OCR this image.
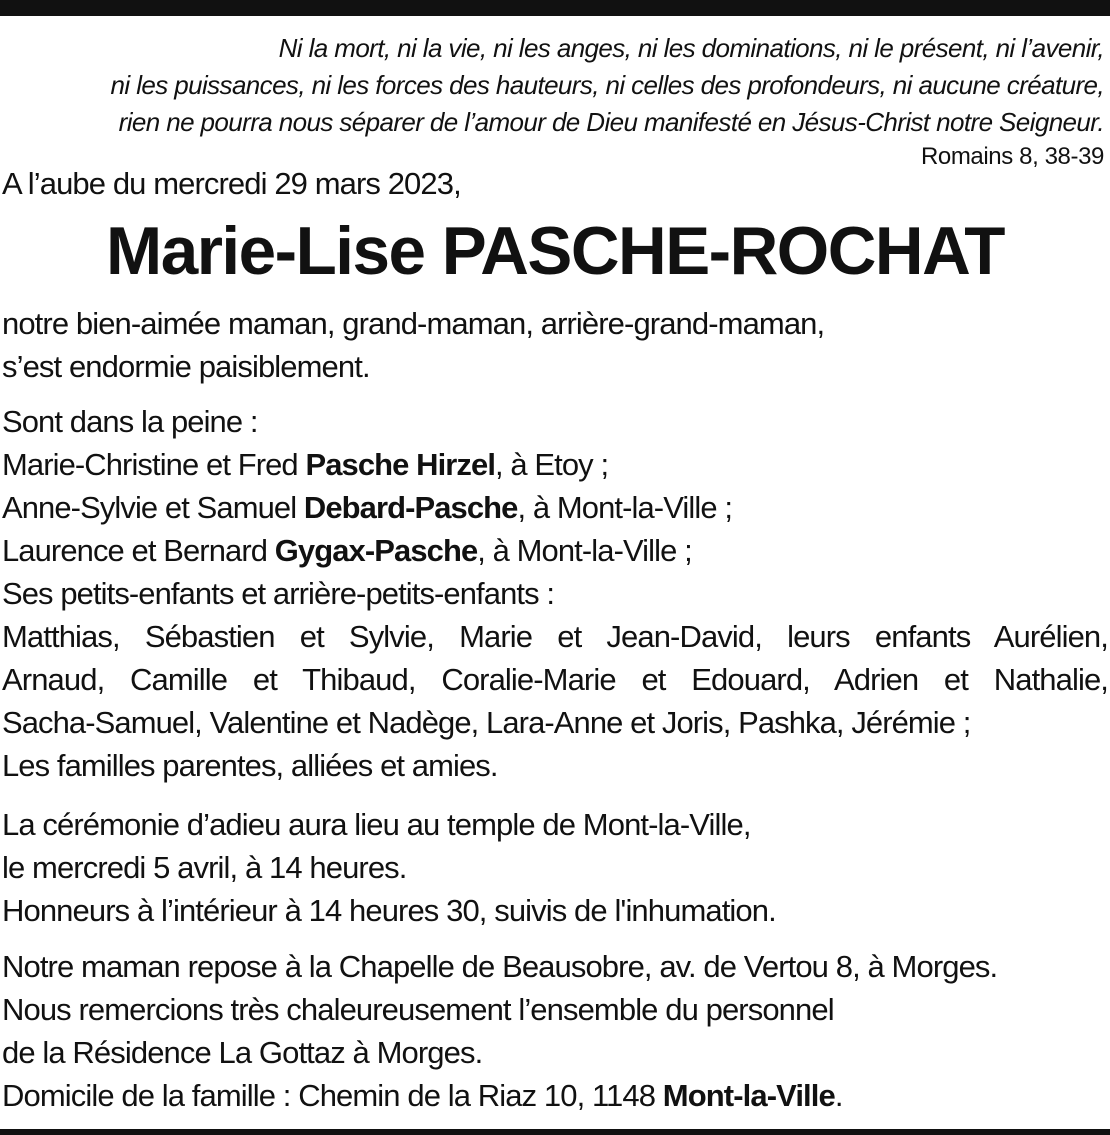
Ni la mort, ni la vie, ni les anges, ni les dominations, ni le présent, ni l’avenir,
ni les puissances, ni les forces des hauteurs, ni celles des profondeurs, ni aucune créature,
rien ne pourra nous séparer de l’amour de Dieu manifesté en Jésus-Christ notre Seigneur.
Romains 8, 38-39
A l’aube du mercredi 29 mars 2023,
Marie-Lise PASCHE-ROCHAT
notre bien-aimée maman, grand-maman, arrière-grand-maman,
s’est endormie paisiblement.
Sont dans la peine :
Marie-Christine et Fred Pasche Hirzel, à Etoy ;
Anne-Sylvie et Samuel Debard-Pasche, à Mont-la-Ville ;
Laurence et Bernard Gygax-Pasche, à Mont-la-Ville ;
Ses petits-enfants et arrière-petits-enfants :
Matthias, Sébastien et Sylvie, Marie et Jean-David, leurs enfants Aurélien,
Arnaud, Camille et Thibaud, Coralie-Marie et Edouard, Adrien et Nathalie,
Sacha-Samuel, Valentine et Nadège, Lara-Anne et Joris, Pashka, Jérémie ;
Les familles parentes, alliées et amies.
La cérémonie d’adieu aura lieu au temple de Mont-la-Ville,
le mercredi 5 avril, à 14 heures.
Honneurs à l’intérieur à 14 heures 30, suivis de l'inhumation.
Notre maman repose à la Chapelle de Beausobre, av. de Vertou 8, à Morges.
Nous remercions très chaleureusement l’ensemble du personnel
de la Résidence La Gottaz à Morges.
Domicile de la famille : Chemin de la Riaz 10, 1148 Mont-la-Ville.
